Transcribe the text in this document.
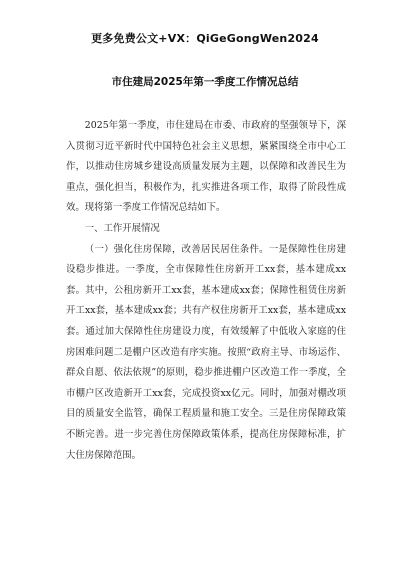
更多免费公文+VX：QiGeGongWen2024
市住建局2025年第一季度工作情况总结

2025年第一季度，市住建局在市委、市政府的坚强领导下，深入贯彻习近平新时代中国特色社会主义思想，紧紧围绕全市中心工作，以推动住房城乡建设高质量发展为主题，以保障和改善民生为重点，强化担当，积极作为，扎实推进各项工作，取得了阶段性成效。现将第一季度工作情况总结如下。

一、工作开展情况

（一）强化住房保障，改善居民居住条件。一是保障性住房建设稳步推进。一季度，全市保障性住房新开工xx套，基本建成xx套。其中，公租房新开工xx套，基本建成xx套；保障性租赁住房新开工xx套，基本建成xx套；共有产权住房新开工xx套，基本建成xx套。通过加大保障性住房建设力度，有效缓解了中低收入家庭的住房困难问题二是棚户区改造有序实施。按照“政府主导、市场运作、群众自愿、依法依规”的原则，稳步推进棚户区改造工作一季度，全市棚户区改造新开工xx套，完成投资xx亿元。同时，加强对棚改项目的质量安全监管，确保工程质量和施工安全。三是住房保障政策不断完善。进一步完善住房保障政策体系，提高住房保障标准，扩大住房保障范围。
